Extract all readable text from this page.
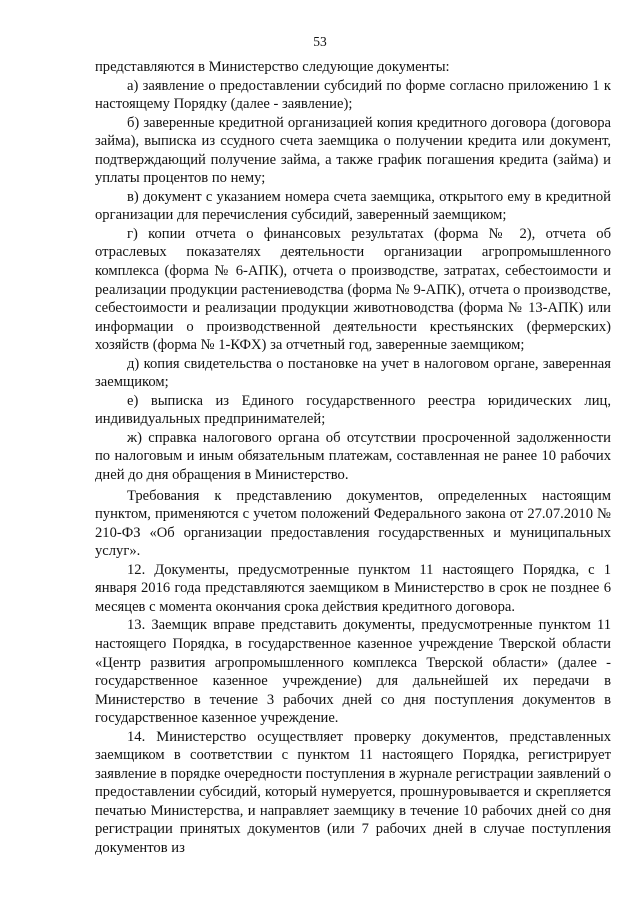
53

представляются в Министерство следующие документы:

а) заявление о предоставлении субсидий по форме согласно приложению 1 к настоящему Порядку (далее - заявление);

б) заверенные кредитной организацией копия кредитного договора (договора займа), выписка из ссудного счета заемщика о получении кредита или документ, подтверждающий получение займа, а также график погашения кредита (займа) и уплаты процентов по нему;

в) документ с указанием номера счета заемщика, открытого ему в кредитной организации для перечисления субсидий, заверенный заемщиком;

г) копии отчета о финансовых результатах (форма № 2), отчета об отраслевых показателях деятельности организации агропромышленного комплекса (форма № 6-АПК), отчета о производстве, затратах, себестоимости и реализации продукции растениеводства (форма № 9-АПК), отчета о производстве, себестоимости и реализации продукции животноводства (форма № 13-АПК) или информации о производственной деятельности крестьянских (фермерских) хозяйств (форма № 1-КФХ) за отчетный год, заверенные заемщиком;

д) копия свидетельства о постановке на учет в налоговом органе, заверенная заемщиком;

е) выписка из Единого государственного реестра юридических лиц, индивидуальных предпринимателей;

ж) справка налогового органа об отсутствии просроченной задолженности по налоговым и иным обязательным платежам, составленная не ранее 10 рабочих дней до дня обращения в Министерство.

Требования к представлению документов, определенных настоящим пунктом, применяются с учетом положений Федерального закона от 27.07.2010 № 210-ФЗ «Об организации предоставления государственных и муниципальных услуг».

12. Документы, предусмотренные пунктом 11 настоящего Порядка, с 1 января 2016 года представляются заемщиком в Министерство в срок не позднее 6 месяцев с момента окончания срока действия кредитного договора.

13. Заемщик вправе представить документы, предусмотренные пунктом 11 настоящего Порядка, в государственное казенное учреждение Тверской области «Центр развития агропромышленного комплекса Тверской области» (далее - государственное казенное учреждение) для дальнейшей их передачи в Министерство в течение 3 рабочих дней со дня поступления документов в государственное казенное учреждение.

14. Министерство осуществляет проверку документов, представленных заемщиком в соответствии с пунктом 11 настоящего Порядка, регистрирует заявление в порядке очередности поступления в журнале регистрации заявлений о предоставлении субсидий, который нумеруется, прошнуровывается и скрепляется печатью Министерства, и направляет заемщику в течение 10 рабочих дней со дня регистрации принятых документов (или 7 рабочих дней в случае поступления документов из
